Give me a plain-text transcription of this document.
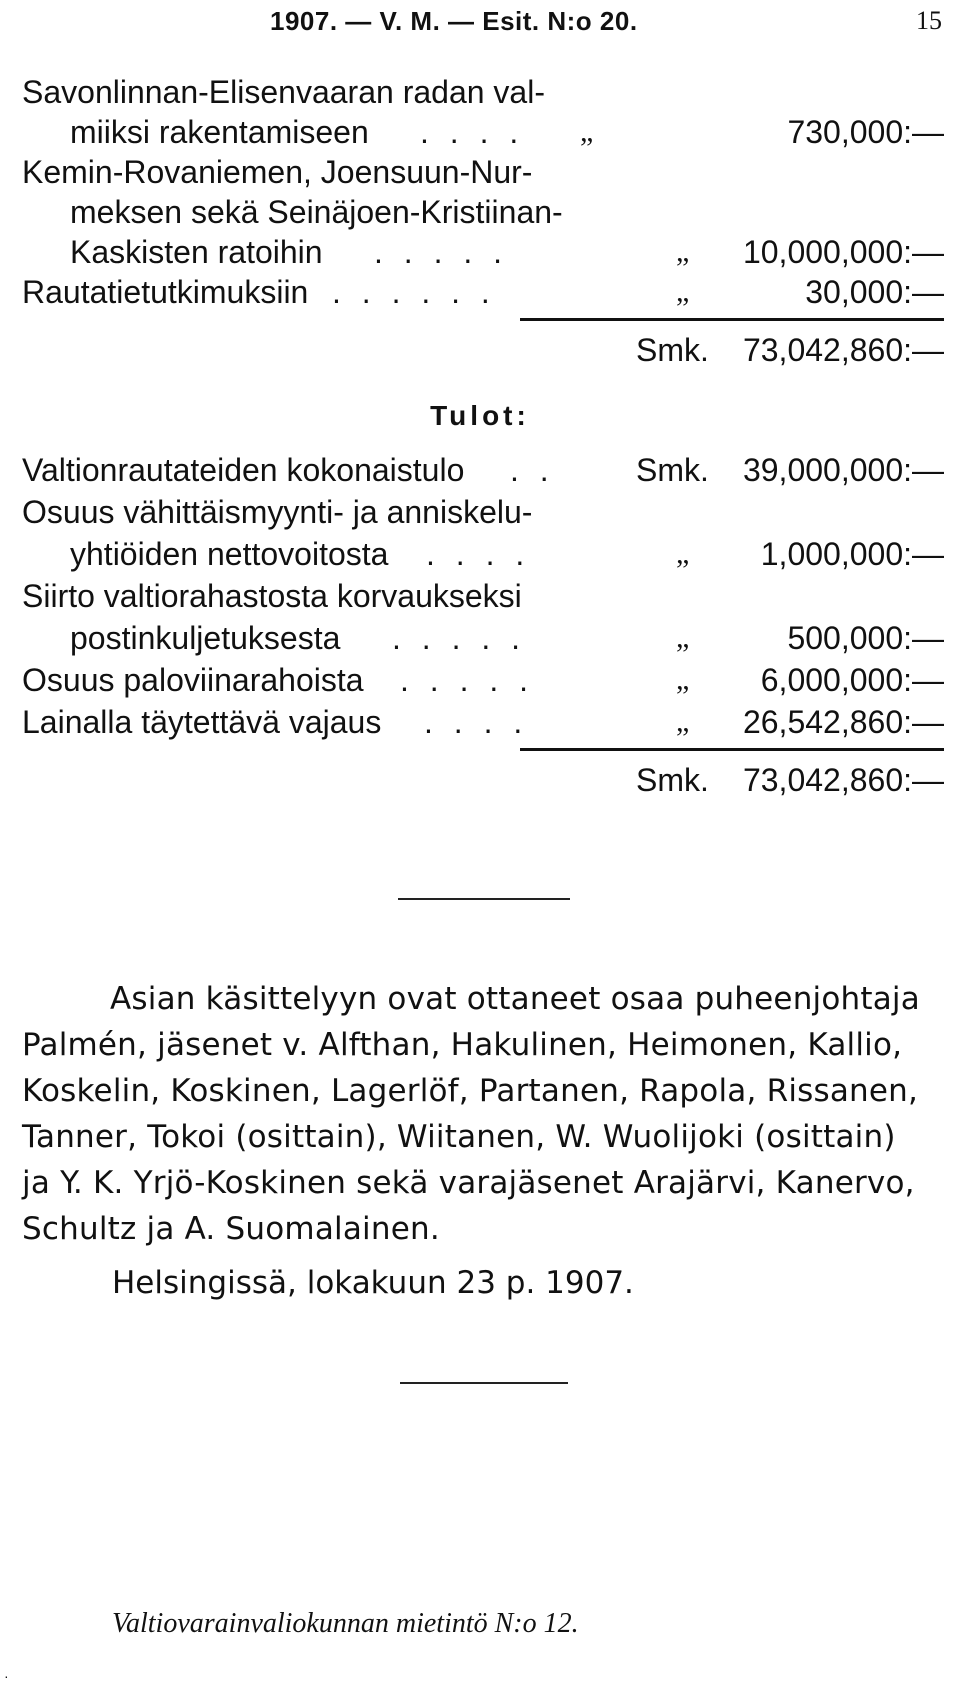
1907. — V. M. — Esit. N:o 20.	15
Savonlinnan-Elisenvaaran radan val-
miiksi rakentamiseen . . . . „	730,000:—
Kemin-Rovaniemen, Joensuun-Nur-
meksen sekä Seinäjoen-Kristiinan-
Kaskisten ratoihin . . . . .	„ 10,000,000:—
Rautatietutkimuksiin . . . . . .	„	30,000:—
Smk. 73,042,860:—
Tulot:
Valtionrautateiden kokonaistulo . .	Smk. 39,000,000:—
Osuus vähittäismyynti- ja anniskelu-
yhtiöiden nettovoitosta . . . .	„ 1,000,000:—
Siirto valtiorahastosta korvaukseksi
postinkuljetuksesta . . . . .	„	500,000:—
Osuus paloviinarahoista . . . . .	„ 6,000,000:—
Lainalla täytettävä vajaus . . . .	„ 26,542,860:—
Smk. 73,042,860:—
Asian käsittelyyn ovat ottaneet osaa puheenjohtaja
Palmén, jäsenet v. Alfthan, Hakulinen, Heimonen, Kallio,
Koskelin, Koskinen, Lagerlöf, Partanen, Rapola, Rissanen,
Tanner, Tokoi (osittain), Wiitanen, W. Wuolijoki (osittain)
ja Y. K. Yrjö-Koskinen sekä varajäsenet Arajärvi, Kanervo,
Schultz ja A. Suomalainen.
Helsingissä, lokakuun 23 p. 1907.
Valtiovarainvaliokunnan mietintö N:o 12.
·
